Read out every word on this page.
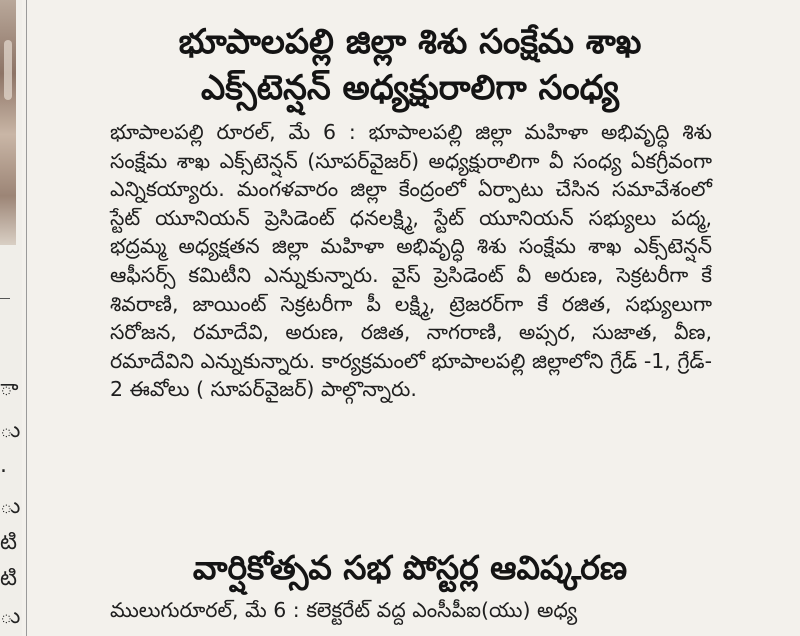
ా
ు
.
ు
టి
టి
ు
భూపాలపల్లి జిల్లా శిశు సంక్షేమ శాఖ
ఎక్స్‌టెన్షన్ అధ్యక్షురాలిగా సంధ్య

భూపాలపల్లి రూరల్, మే 6 : భూపాలపల్లి జిల్లా మహిళా అభివృద్ధి శిశు సంక్షేమ శాఖ ఎక్స్‌టెన్షన్ (సూపర్‌వైజర్) అధ్యక్షురాలిగా వీ సంధ్య ఏకగ్రీవంగా ఎన్నికయ్యారు. మంగళవారం జిల్లా కేంద్రంలో ఏర్పాటు చేసిన సమావేశంలో స్టేట్ యూనియన్ ప్రెసిడెంట్ ధనలక్ష్మి, స్టేట్ యూనియన్ సభ్యులు పద్మ, భద్రమ్మ అధ్యక్షతన జిల్లా మహిళా అభివృద్ధి శిశు సంక్షేమ శాఖ ఎక్స్‌టెన్షన్ ఆఫీసర్స్ కమిటీని ఎన్నుకున్నారు. వైస్ ప్రెసిడెంట్ వీ అరుణ, సెక్రటరీగా కే శివరాణి, జాయింట్ సెక్రటరీగా పీ లక్ష్మి, ట్రెజరర్‌గా కే రజిత, సభ్యులుగా సరోజన, రమాదేవి, అరుణ, రజిత, నాగరాణి, అప్సర, సుజాత, వీణ, రమాదేవిని ఎన్నుకున్నారు. కార్యక్రమంలో భూపాలపల్లి జిల్లాలోని గ్రేడ్ -1, గ్రేడ్- 2 ఈవోలు ( సూపర్‌వైజర్) పాల్గొన్నారు.

వార్షికోత్సవ సభ పోస్టర్ల ఆవిష్కరణ
ములుగురూరల్, మే 6 : కలెక్టరేట్ వద్ద ఎంసీపీఐ(యు) అధ్య
